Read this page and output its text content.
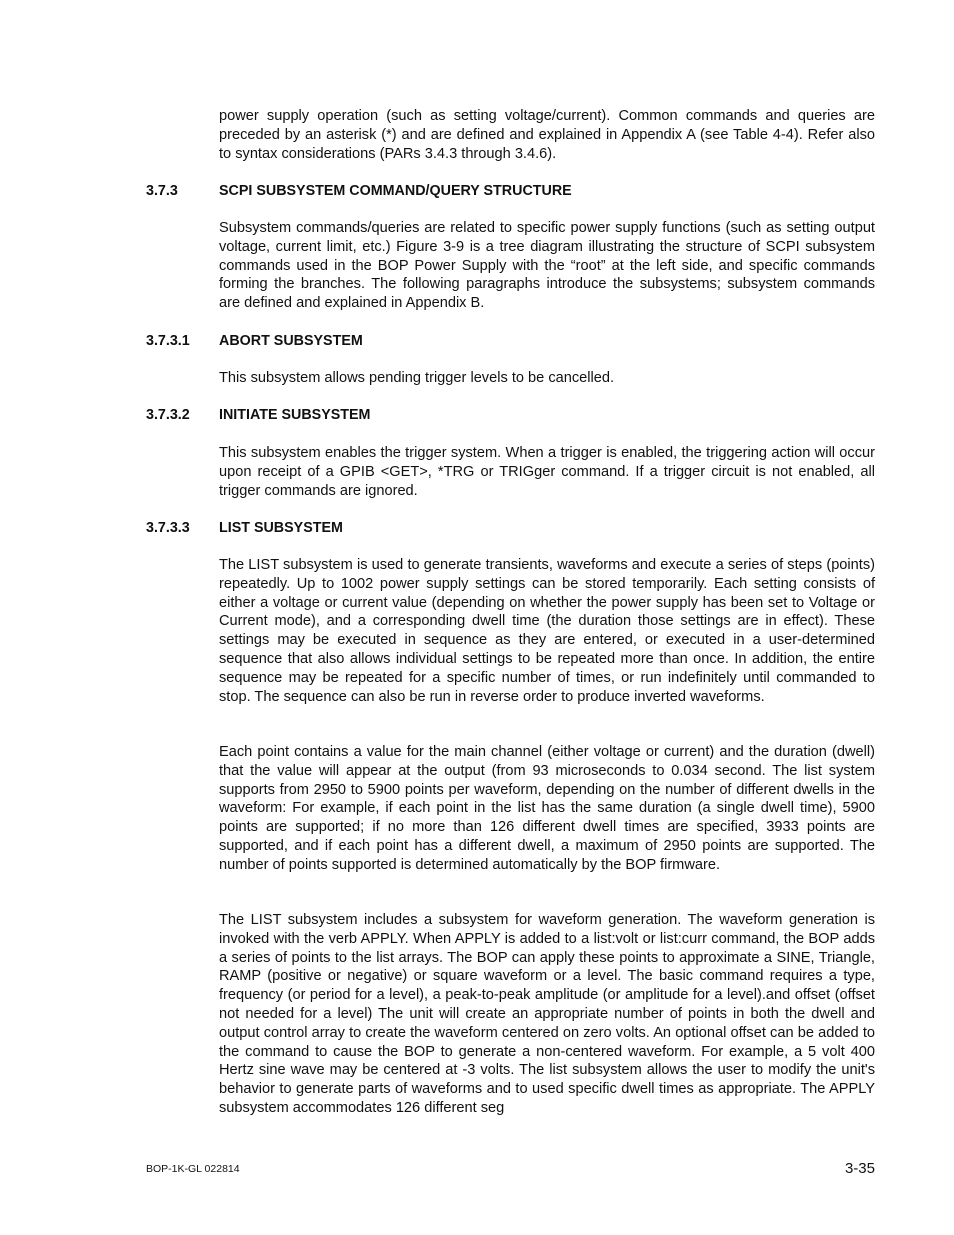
power supply operation (such as setting voltage/current). Common commands and queries are preceded by an asterisk (*) and are defined and explained in Appendix A (see Table 4-4). Refer also to syntax considerations (PARs 3.4.3 through 3.4.6).

3.7.3	SCPI SUBSYSTEM COMMAND/QUERY STRUCTURE

Subsystem commands/queries are related to specific power supply functions (such as setting output voltage, current limit, etc.) Figure 3-9 is a tree diagram illustrating the structure of SCPI subsystem commands used in the BOP Power Supply with the “root” at the left side, and specific commands forming the branches. The following paragraphs introduce the subsystems; subsystem commands are defined and explained in Appendix B.

3.7.3.1 ABORT SUBSYSTEM

This subsystem allows pending trigger levels to be cancelled.

3.7.3.2 INITIATE SUBSYSTEM

This subsystem enables the trigger system. When a trigger is enabled, the triggering action will occur upon receipt of a GPIB <GET>, *TRG or TRIGger command. If a trigger circuit is not enabled, all trigger commands are ignored.

3.7.3.3 LIST SUBSYSTEM

The LIST subsystem is used to generate transients, waveforms and execute a series of steps (points) repeatedly. Up to 1002 power supply settings can be stored temporarily. Each setting consists of either a voltage or current value (depending on whether the power supply has been set to Voltage or Current mode), and a corresponding dwell time (the duration those settings are in effect). These settings may be executed in sequence as they are entered, or executed in a user-determined sequence that also allows individual settings to be repeated more than once. In addition, the entire sequence may be repeated for a specific number of times, or run indefinitely until commanded to stop. The sequence can also be run in reverse order to produce inverted waveforms.

Each point contains a value for the main channel (either voltage or current) and the duration (dwell) that the value will appear at the output (from 93 microseconds to 0.034 second. The list system supports from 2950 to 5900 points per waveform, depending on the number of different dwells in the waveform: For example, if each point in the list has the same duration (a single dwell time), 5900 points are supported; if no more than 126 different dwell times are specified, 3933 points are supported, and if each point has a different dwell, a maximum of 2950 points are supported. The number of points supported is determined automatically by the BOP firmware.

The LIST subsystem includes a subsystem for waveform generation. The waveform generation is invoked with the verb APPLY. When APPLY is added to a list:volt or list:curr command, the BOP adds a series of points to the list arrays. The BOP can apply these points to approximate a SINE, Triangle, RAMP (positive or negative) or square waveform or a level. The basic command requires a type, frequency (or period for a level), a peak-to-peak amplitude (or amplitude for a level).and offset (offset not needed for a level) The unit will create an appropriate number of points in both the dwell and output control array to create the waveform centered on zero volts. An optional offset can be added to the command to cause the BOP to generate a non-centered waveform. For example, a 5 volt 400 Hertz sine wave may be centered at -3 volts. The list subsystem allows the user to modify the unit's behavior to generate parts of waveforms and to used specific dwell times as appropriate. The APPLY subsystem accommodates 126 different seg

BOP-1K-GL 022814	3-35
